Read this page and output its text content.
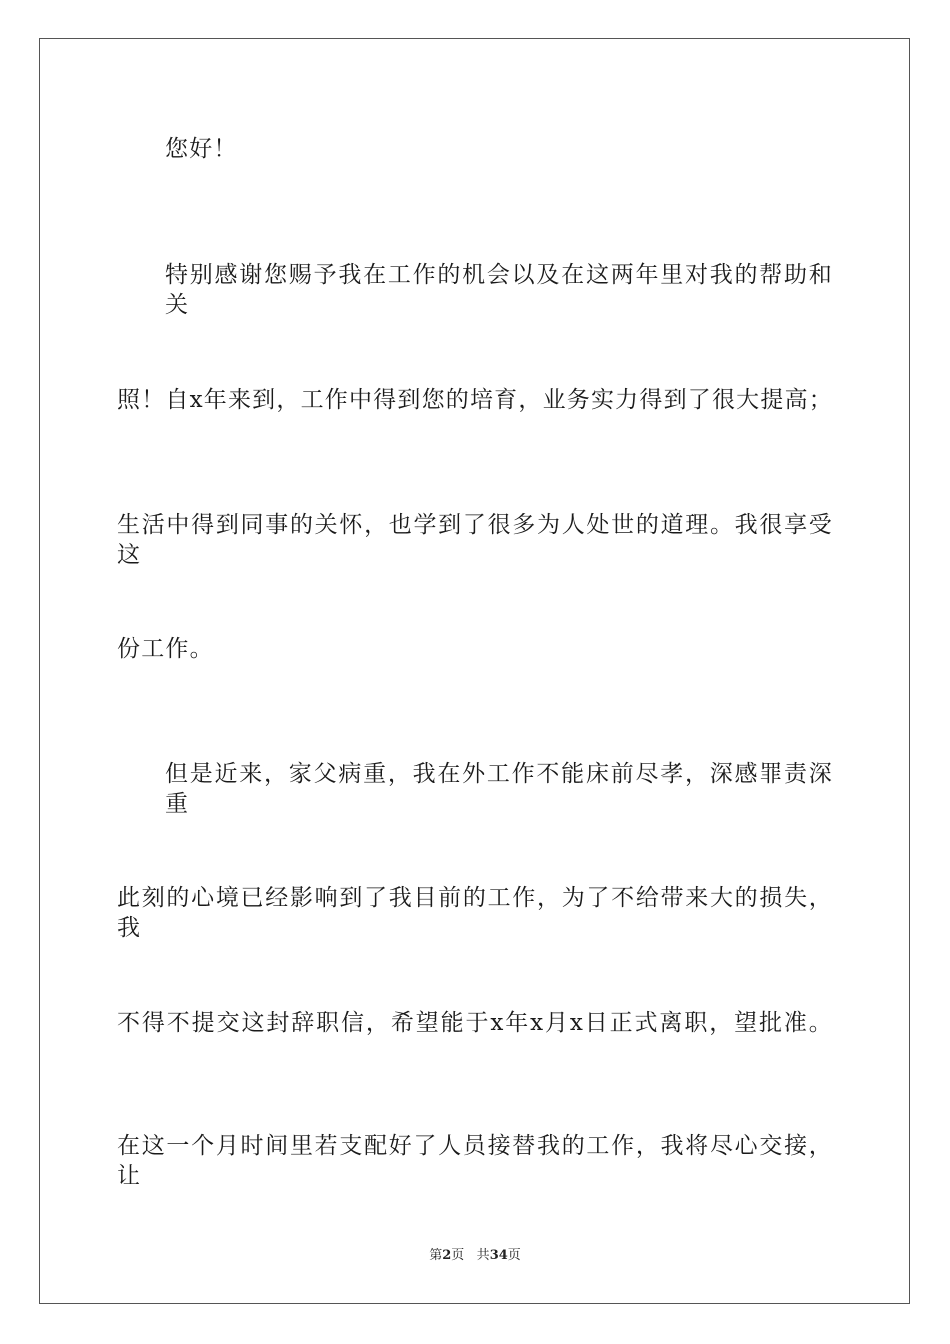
您好！
特别感谢您赐予我在工作的机会以及在这两年里对我的帮助和关
照！自x年来到，工作中得到您的培育，业务实力得到了很大提高；
生活中得到同事的关怀，也学到了很多为人处世的道理。我很享受这
份工作。
但是近来，家父病重，我在外工作不能床前尽孝，深感罪责深重
此刻的心境已经影响到了我目前的工作，为了不给带来大的损失，我
不得不提交这封辞职信，希望能于x年x月x日正式离职，望批准。
在这一个月时间里若支配好了人员接替我的工作，我将尽心交接，让
第2页 共34页
